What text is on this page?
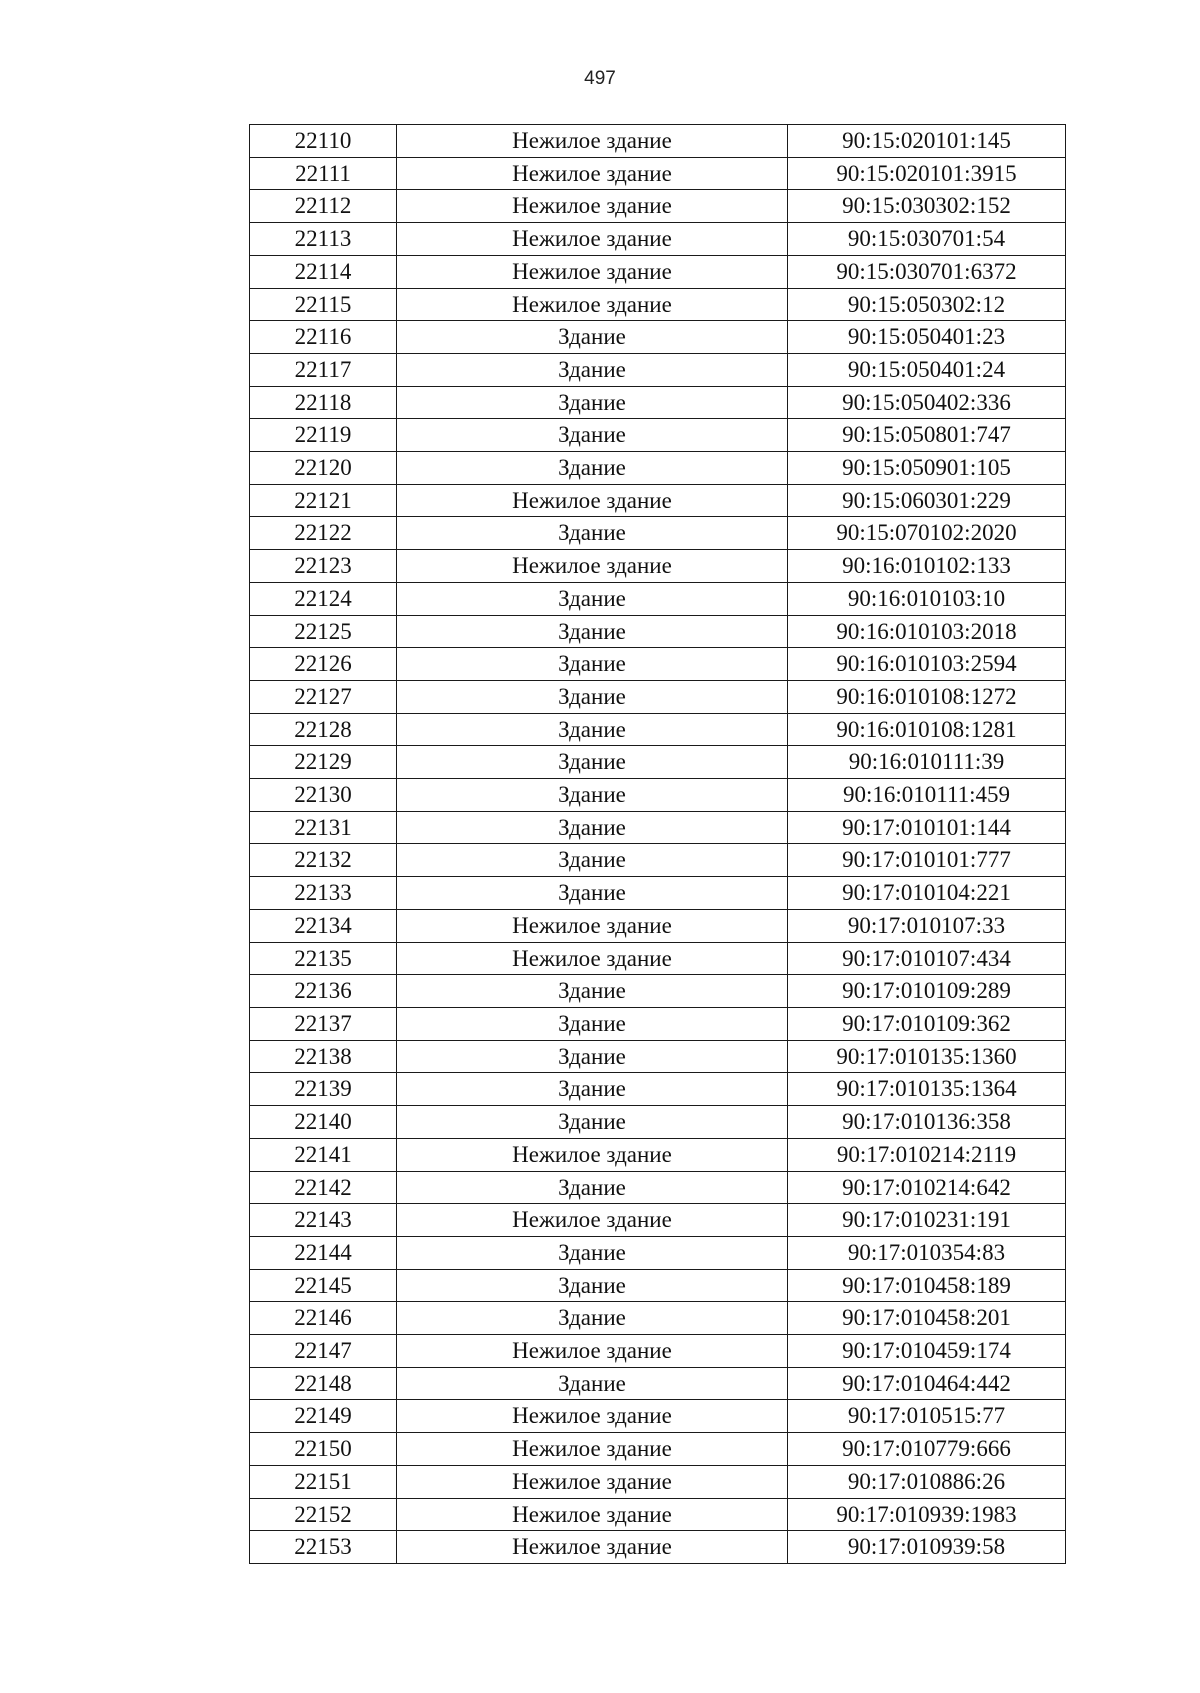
497
22110	Нежилое здание	90:15:020101:145
22111	Нежилое здание	90:15:020101:3915
22112	Нежилое здание	90:15:030302:152
22113	Нежилое здание	90:15:030701:54
22114	Нежилое здание	90:15:030701:6372
22115	Нежилое здание	90:15:050302:12
22116	Здание	90:15:050401:23
22117	Здание	90:15:050401:24
22118	Здание	90:15:050402:336
22119	Здание	90:15:050801:747
22120	Здание	90:15:050901:105
22121	Нежилое здание	90:15:060301:229
22122	Здание	90:15:070102:2020
22123	Нежилое здание	90:16:010102:133
22124	Здание	90:16:010103:10
22125	Здание	90:16:010103:2018
22126	Здание	90:16:010103:2594
22127	Здание	90:16:010108:1272
22128	Здание	90:16:010108:1281
22129	Здание	90:16:010111:39
22130	Здание	90:16:010111:459
22131	Здание	90:17:010101:144
22132	Здание	90:17:010101:777
22133	Здание	90:17:010104:221
22134	Нежилое здание	90:17:010107:33
22135	Нежилое здание	90:17:010107:434
22136	Здание	90:17:010109:289
22137	Здание	90:17:010109:362
22138	Здание	90:17:010135:1360
22139	Здание	90:17:010135:1364
22140	Здание	90:17:010136:358
22141	Нежилое здание	90:17:010214:2119
22142	Здание	90:17:010214:642
22143	Нежилое здание	90:17:010231:191
22144	Здание	90:17:010354:83
22145	Здание	90:17:010458:189
22146	Здание	90:17:010458:201
22147	Нежилое здание	90:17:010459:174
22148	Здание	90:17:010464:442
22149	Нежилое здание	90:17:010515:77
22150	Нежилое здание	90:17:010779:666
22151	Нежилое здание	90:17:010886:26
22152	Нежилое здание	90:17:010939:1983
22153	Нежилое здание	90:17:010939:58
